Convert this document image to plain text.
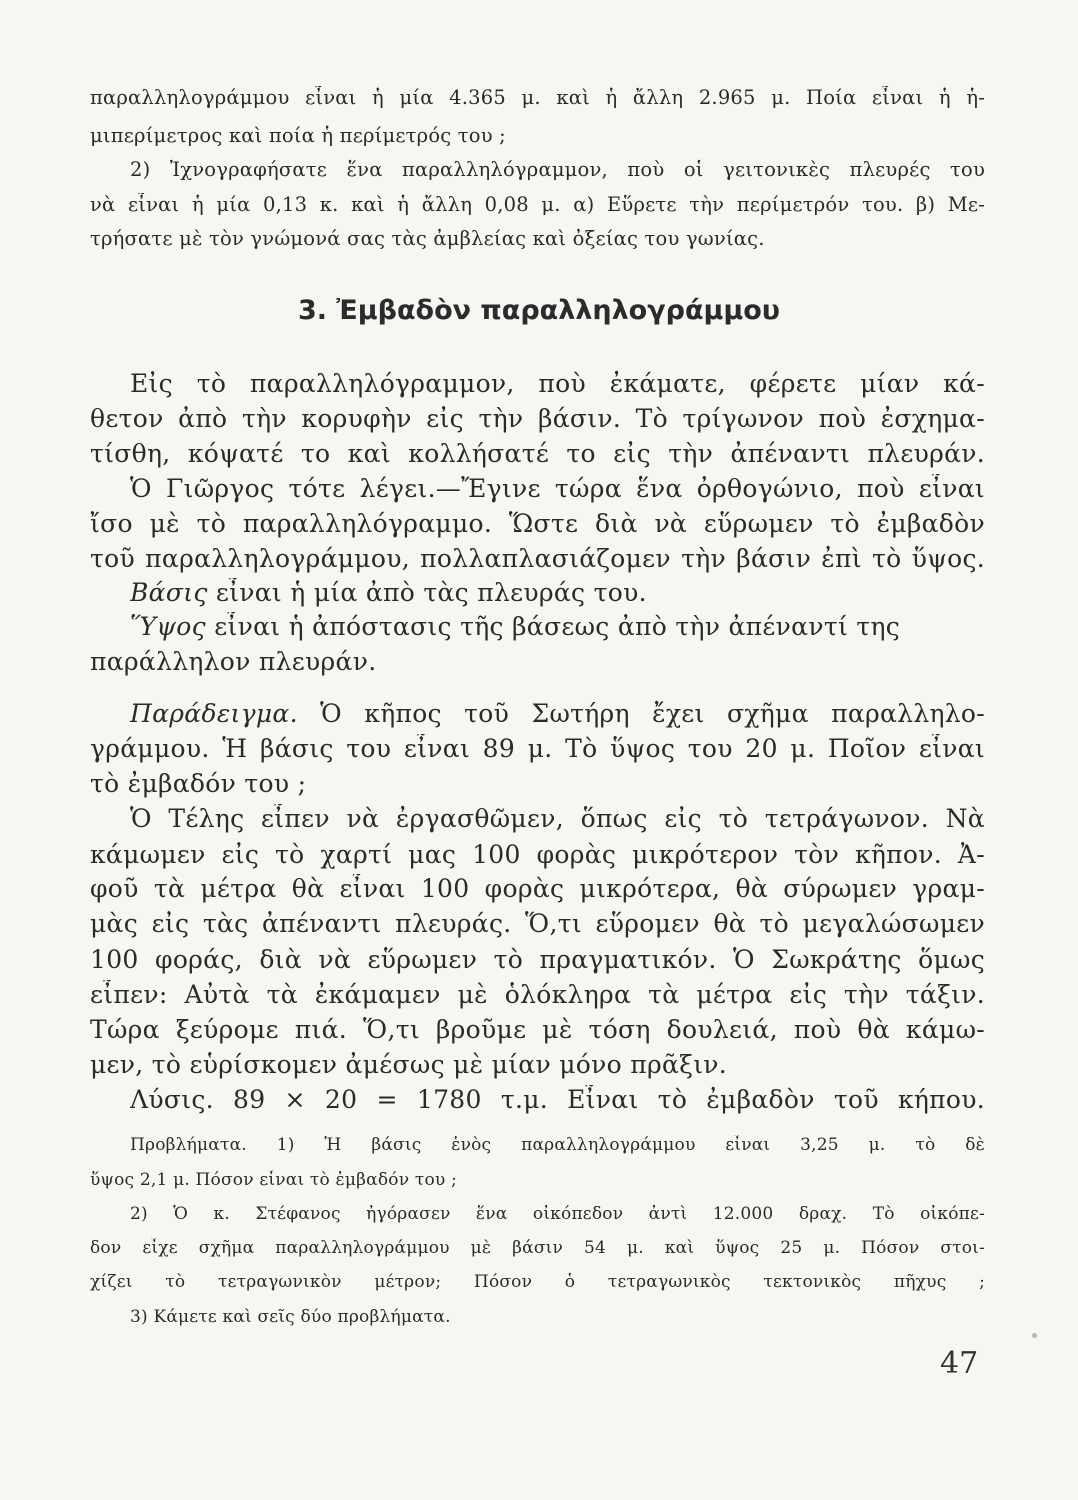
παραλληλογράμμου εἶναι ἡ μία 4.365 μ. καὶ ἡ ἄλλη 2.965 μ. Ποία εἶναι ἡ ἡ-
μιπερίμετρος καὶ ποία ἡ περίμετρός του ;
2) Ἰχνογραφήσατε ἕνα παραλληλόγραμμον, ποὺ οἱ γειτονικὲς πλευρές του
νὰ εἶναι ἡ μία 0,13 κ. καὶ ἡ ἄλλη 0,08 μ. α) Εὕρετε τὴν περίμετρόν του. β) Με-
τρήσατε μὲ τὸν γνώμονά σας τὰς ἀμβλείας καὶ ὀξείας του γωνίας.
3. Ἐμβαδὸν παραλληλογράμμου
Εἰς τὸ παραλληλόγραμμον, ποὺ ἐκάματε, φέρετε μίαν κά-
θετον ἀπὸ τὴν κορυφὴν εἰς τὴν βάσιν. Τὸ τρίγωνον ποὺ ἐσχημα-
τίσθη, κόψατέ το καὶ κολλήσατέ το εἰς τὴν ἀπέναντι πλευράν.
Ὁ Γιῶργος τότε λέγει.—Ἔγινε τώρα ἕνα ὀρθογώνιο, ποὺ εἶναι
ἴσο μὲ τὸ παραλληλόγραμμο. Ὥστε διὰ νὰ εὕρωμεν τὸ ἐμβαδὸν
τοῦ παραλληλογράμμου, πολλαπλασιάζομεν τὴν βάσιν ἐπὶ τὸ ὕψος.
Βάσις εἶναι ἡ μία ἀπὸ τὰς πλευράς του.
Ὕψος εἶναι ἡ ἀπόστασις τῆς βάσεως ἀπὸ τὴν ἀπέναντί της
παράλληλον πλευράν.
Παράδειγμα. Ὁ κῆπος τοῦ Σωτήρη ἔχει σχῆμα παραλληλο-
γράμμου. Ἡ βάσις του εἶναι 89 μ. Τὸ ὕψος του 20 μ. Ποῖον εἶναι
τὸ ἐμβαδόν του ;
Ὁ Τέλης εἶπεν νὰ ἐργασθῶμεν, ὅπως εἰς τὸ τετράγωνον. Νὰ
κάμωμεν εἰς τὸ χαρτί μας 100 φορὰς μικρότερον τὸν κῆπον. Ἀ-
φοῦ τὰ μέτρα θὰ εἶναι 100 φορὰς μικρότερα, θὰ σύρωμεν γραμ-
μὰς εἰς τὰς ἀπέναντι πλευράς. Ὅ,τι εὕρομεν θὰ τὸ μεγαλώσωμεν
100 φοράς, διὰ νὰ εὕρωμεν τὸ πραγματικόν. Ὁ Σωκράτης ὅμως
εἶπεν: Αὐτὰ τὰ ἐκάμαμεν μὲ ὁλόκληρα τὰ μέτρα εἰς τὴν τάξιν.
Τώρα ξεύρομε πιά. Ὅ,τι βροῦμε μὲ τόση δουλειά, ποὺ θὰ κάμω-
μεν, τὸ εὑρίσκομεν ἀμέσως μὲ μίαν μόνο πρᾶξιν.
Λύσις. 89 × 20 = 1780 τ.μ. Εἶναι τὸ ἐμβαδὸν τοῦ κήπου.
Προβλήματα. 1) Ἡ βάσις ἑνὸς παραλληλογράμμου εἶναι 3,25 μ. τὸ δὲ
ὕψος 2,1 μ. Πόσον εἶναι τὸ ἐμβαδόν του ;
2) Ὁ κ. Στέφανος ἠγόρασεν ἕνα οἰκόπεδον ἀντὶ 12.000 δραχ. Τὸ οἰκόπε-
δον εἶχε σχῆμα παραλληλογράμμου μὲ βάσιν 54 μ. καὶ ὕψος 25 μ. Πόσον στοι-
χίζει τὸ τετραγωνικὸν μέτρον; Πόσον ὁ τετραγωνικὸς τεκτονικὸς πῆχυς ;
3) Κάμετε καὶ σεῖς δύο προβλήματα.
47
